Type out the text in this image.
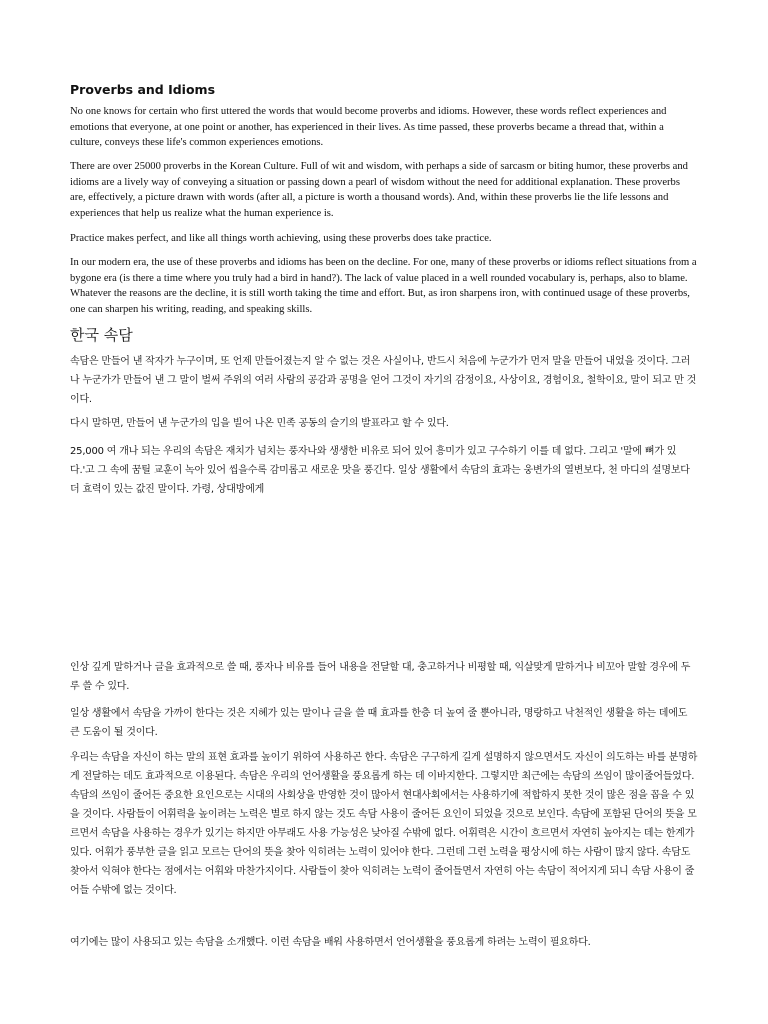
Proverbs and Idioms

No one knows for certain who first uttered the words that would become proverbs and idioms. However, these words reflect experiences and emotions that everyone, at one point or another, has experienced in their lives. As time passed, these proverbs became a thread that, within a culture, conveys these life's common experiences emotions.

There are over 25000 proverbs in the Korean Culture. Full of wit and wisdom, with perhaps a side of sarcasm or biting humor, these proverbs and idioms are a lively way of conveying a situation or passing down a pearl of wisdom without the need for additional explanation. These proverbs are, effectively, a picture drawn with words (after all, a picture is worth a thousand words). And, within these proverbs lie the life lessons and experiences that help us realize what the human experience is.

Practice makes perfect, and like all things worth achieving, using these proverbs does take practice.

In our modern era, the use of these proverbs and idioms has been on the decline. For one, many of these proverbs or idioms reflect situations from a bygone era (is there a time where you truly had a bird in hand?). The lack of value placed in a well rounded vocabulary is, perhaps, also to blame. Whatever the reasons are the decline, it is still worth taking the time and effort. But, as iron sharpens iron, with continued usage of these proverbs, one can sharpen his writing, reading, and speaking skills.

한국 속담

속담은 만들어 낸 작자가 누구이며, 또 언제 만들어졌는지 알 수 없는 것은 사실이나, 반드시 처음에 누군가가 먼저 말을 만들어 내었을 것이다. 그러나 누군가가 만들어 낸 그 말이 벌써 주위의 여러 사람의 공감과 공명을 얻어 그것이 자기의 감정이요, 사상이요, 경험이요, 철학이요, 말이 되고 만 것이다.

다시 말하면, 만들어 낸 누군가의 입을 빌어 나온 민족 공동의 슬기의 발표라고 할 수 있다.

25,000 여 개나 되는 우리의 속담은 재치가 넘치는 풍자나와 생생한 비유로 되어 있어 흥미가 있고 구수하기 이를 데 없다. 그리고 '말에 뼈가 있다.'고 그 속에 꿈틸 교훈이 녹아 있어 씹을수록 감미롭고 새로운 맛을 풍긴다. 일상 생활에서 속담의 효과는 웅변가의 열변보다, 천 마디의 설명보다 더 효력이 있는 값진 말이다. 가령, 상대방에게

인상 깊게 말하거나 글을 효과적으로 쓸 때, 풍자나 비유를 들어 내용을 전달할 대, 충고하거나 비평할 때, 익살맞게 말하거나 비꼬아 말할 경우에 두루 쓸 수 있다.

일상 생활에서 속담을 가까이 한다는 것은 지혜가 있는 말이나 글을 쓸 때 효과를 한층 더 높여 줄 뿐아니라, 명랑하고 낙천적인 생활을 하는 데에도 큰 도움이 될 것이다.

우리는 속담을 자신이 하는 말의 표현 효과를 높이기 위하여 사용하곤 한다. 속담은 구구하게 길게 설명하지 않으면서도 자신이 의도하는 바를 분명하게 전달하는 데도 효과적으로 이용된다. 속담은 우리의 언어생활을 풍요롭게 하는 데 이바지한다. 그렇지만 최근에는 속담의 쓰임이 많이줄어들었다. 속담의 쓰임이 줄어든 중요한 요인으로는 시대의 사회상을 반영한 것이 많아서 현대사회에서는 사용하기에 적합하지 못한 것이 많은 점을 꼽을 수 있을 것이다. 사람들이 어휘력을 높이려는 노력은 별로 하지 않는 것도 속담 사용이 줄어든 요인이 되었을 것으로 보인다. 속담에 포함된 단어의 뜻을 모르면서 속담을 사용하는 경우가 있기는 하지만 아무래도 사용 가능성은 낮아질 수밖에 없다. 어휘력은 시간이 흐르면서 자연히 높아지는 데는 한계가 있다. 어휘가 풍부한 글을 읽고 모르는 단어의 뜻을 찾아 익히려는 노력이 있어야 한다. 그런데 그런 노력을 평상시에 하는 사람이 많지 않다. 속담도 찾아서 익혀야 한다는 점에서는 어휘와 마찬가지이다. 사람들이 찾아 익히려는 노력이 줄어들면서 자연히 아는 속담이 적어지게 되니 속담 사용이 줄어들 수밖에 없는 것이다.

여기에는 많이 사용되고 있는 속담을 소개했다. 이런 속담을 배워 사용하면서 언어생활을 풍요롭게 하려는 노력이 필요하다.
